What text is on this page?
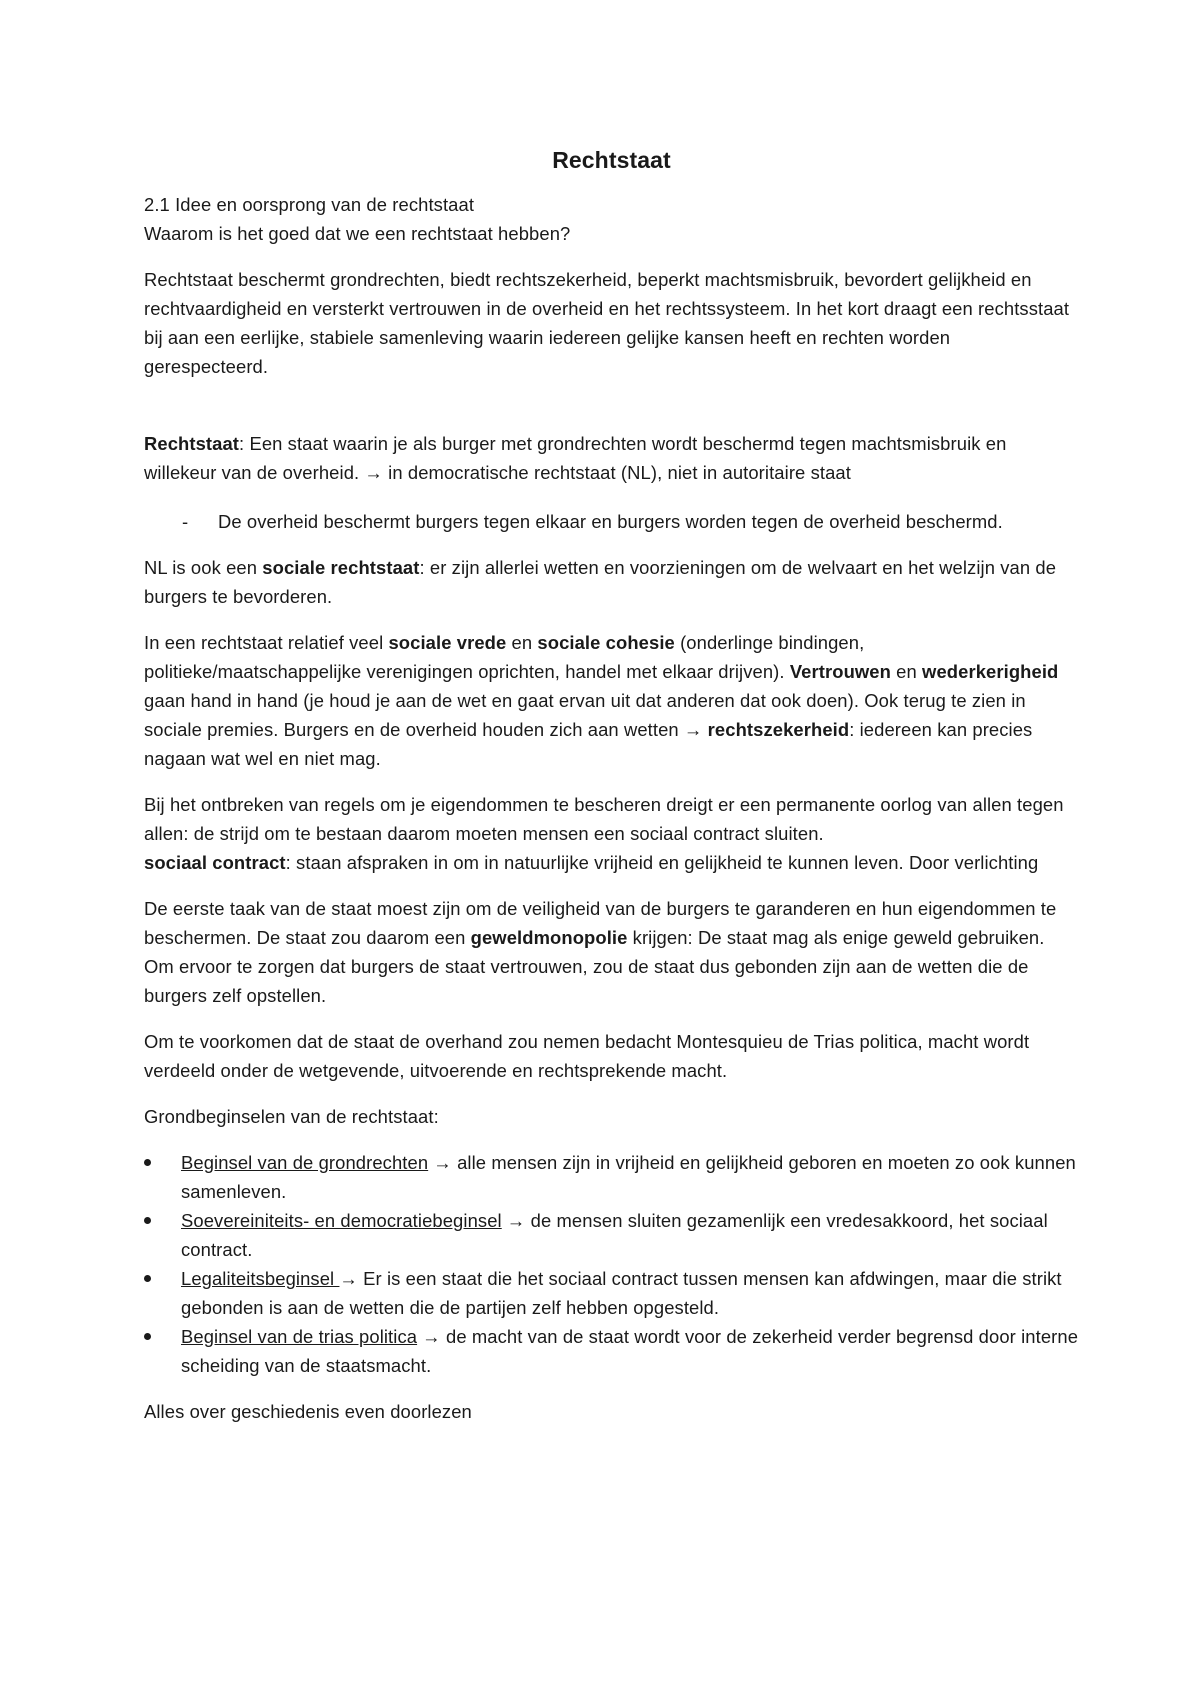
Rechtstaat

2.1 Idee en oorsprong van de rechtstaat

Waarom is het goed dat we een rechtstaat hebben?

Rechtstaat beschermt grondrechten, biedt rechtszekerheid, beperkt machtsmisbruik, bevordert gelijkheid en rechtvaardigheid en versterkt vertrouwen in de overheid en het rechtssysteem. In het kort draagt een rechtsstaat bij aan een eerlijke, stabiele samenleving waarin iedereen gelijke kansen heeft en rechten worden gerespecteerd.

Rechtstaat: Een staat waarin je als burger met grondrechten wordt beschermd tegen machtsmisbruik en willekeur van de overheid. → in democratische rechtstaat (NL), niet in autoritaire staat

- De overheid beschermt burgers tegen elkaar en burgers worden tegen de overheid beschermd.

NL is ook een sociale rechtstaat: er zijn allerlei wetten en voorzieningen om de welvaart en het welzijn van de burgers te bevorderen.

In een rechtstaat relatief veel sociale vrede en sociale cohesie (onderlinge bindingen, politieke/maatschappelijke verenigingen oprichten, handel met elkaar drijven). Vertrouwen en wederkerigheid gaan hand in hand (je houd je aan de wet en gaat ervan uit dat anderen dat ook doen). Ook terug te zien in sociale premies. Burgers en de overheid houden zich aan wetten → rechtszekerheid: iedereen kan precies nagaan wat wel en niet mag.

Bij het ontbreken van regels om je eigendommen te bescheren dreigt er een permanente oorlog van allen tegen allen: de strijd om te bestaan daarom moeten mensen een sociaal contract sluiten.
sociaal contract: staan afspraken in om in natuurlijke vrijheid en gelijkheid te kunnen leven. Door verlichting

De eerste taak van de staat moest zijn om de veiligheid van de burgers te garanderen en hun eigendommen te beschermen. De staat zou daarom een geweldmonopolie krijgen: De staat mag als enige geweld gebruiken. Om ervoor te zorgen dat burgers de staat vertrouwen, zou de staat dus gebonden zijn aan de wetten die de burgers zelf opstellen.

Om te voorkomen dat de staat de overhand zou nemen bedacht Montesquieu de Trias politica, macht wordt verdeeld onder de wetgevende, uitvoerende en rechtsprekende macht.

Grondbeginselen van de rechtstaat:

Beginsel van de grondrechten → alle mensen zijn in vrijheid en gelijkheid geboren en moeten zo ook kunnen samenleven.
Soevereiniteits- en democratiebeginsel → de mensen sluiten gezamenlijk een vredesakkoord, het sociaal contract.
Legaliteitsbeginsel → Er is een staat die het sociaal contract tussen mensen kan afdwingen, maar die strikt gebonden is aan de wetten die de partijen zelf hebben opgesteld.
Beginsel van de trias politica → de macht van de staat wordt voor de zekerheid verder begrensd door interne scheiding van de staatsmacht.

Alles over geschiedenis even doorlezen
